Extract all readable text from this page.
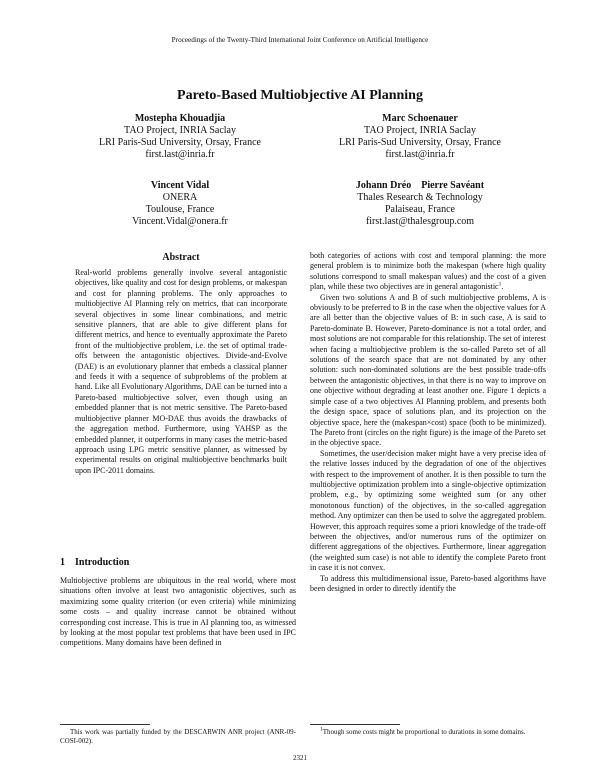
Proceedings of the Twenty-Third International Joint Conference on Artificial Intelligence
Pareto-Based Multiobjective AI Planning
Mostepha Khouadjia
TAO Project, INRIA Saclay
LRI Paris-Sud University, Orsay, France
first.last@inria.fr
Marc Schoenauer
TAO Project, INRIA Saclay
LRI Paris-Sud University, Orsay, France
first.last@inria.fr
Vincent Vidal
ONERA
Toulouse, France
Vincent.Vidal@onera.fr
Johann Dréo    Pierre Savéant
Thales Research & Technology
Palaiseau, France
first.last@thalesgroup.com
Abstract
Real-world problems generally involve several antagonistic objectives, like quality and cost for design problems, or makespan and cost for planning problems. The only approaches to multiobjective AI Planning rely on metrics, that can incorporate several objectives in some linear combinations, and metric sensitive planners, that are able to give different plans for different metrics, and hence to eventually approximate the Pareto front of the multiobjective problem, i.e. the set of optimal trade-offs between the antagonistic objectives. Divide-and-Evolve (DAE) is an evolutionary planner that embeds a classical planner and feeds it with a sequence of subproblems of the problem at hand. Like all Evolutionary Algorithms, DAE can be turned into a Pareto-based multiobjective solver, even though using an embedded planner that is not metric sensitive. The Pareto-based multiobjective planner MO-DAE thus avoids the drawbacks of the aggregation method. Furthermore, using YAHSP as the embedded planner, it outperforms in many cases the metric-based approach using LPG metric sensitive planner, as witnessed by experimental results on original multiobjective benchmarks built upon IPC-2011 domains.
1 Introduction
Multiobjective problems are ubiquitous in the real world, where most situations often involve at least two antagonistic objectives, such as maximizing some quality criterion (or even criteria) while minimizing some costs – and quality increase cannot be obtained without corresponding cost increase. This is true in AI planning too, as witnessed by looking at the most popular test problems that have been used in IPC competitions. Many domains have been defined in

both categories of actions with cost and temporal planning: the more general problem is to minimize both the makespan (where high quality solutions correspond to small makespan values) and the cost of a given plan, while these two objectives are in general antagonistic$^1$.

Given two solutions A and B of such multiobjective problems, A is obviously to be preferred to B in the case when the objective values for A are all better than the objective values of B: in such case, A is said to Pareto-dominate B. However, Pareto-dominance is not a total order, and most solutions are not comparable for this relationship. The set of interest when facing a multiobjective problem is the so-called Pareto set of all solutions of the search space that are not dominated by any other solution: such non-dominated solutions are the best possible trade-offs between the antagonistic objectives, in that there is no way to improve on one objective without degrading at least another one. Figure 1 depicts a simple case of a two objectives AI Planning problem, and presents both the design space, space of solutions plan, and its projection on the objective space, here the (makespan×cost) space (both to be minimized). The Pareto front (circles on the right figure) is the image of the Pareto set in the objective space.

Sometimes, the user/decision maker might have a very precise idea of the relative losses induced by the degradation of one of the objectives with respect to the improvement of another. It is then possible to turn the multiobjective optimization problem into a single-objective optimization problem, e.g., by optimizing some weighted sum (or any other monotonous function) of the objectives, in the so-called aggregation method. Any optimizer can then be used to solve the aggregated problem. However, this approach requires some a priori knowledge of the trade-off between the objectives, and/or numerous runs of the optimizer on different aggregations of the objectives. Furthermore, linear aggregation (the weighted sum case) is not able to identify the complete Pareto front in case it is not convex.

To address this multidimensional issue, Pareto-based algorithms have been designed in order to directly identify the

This work was partially funded by the DESCARWIN ANR project (ANR-09-COSI-002).
$^1$Though some costs might be proportional to durations in some domains.
2321
